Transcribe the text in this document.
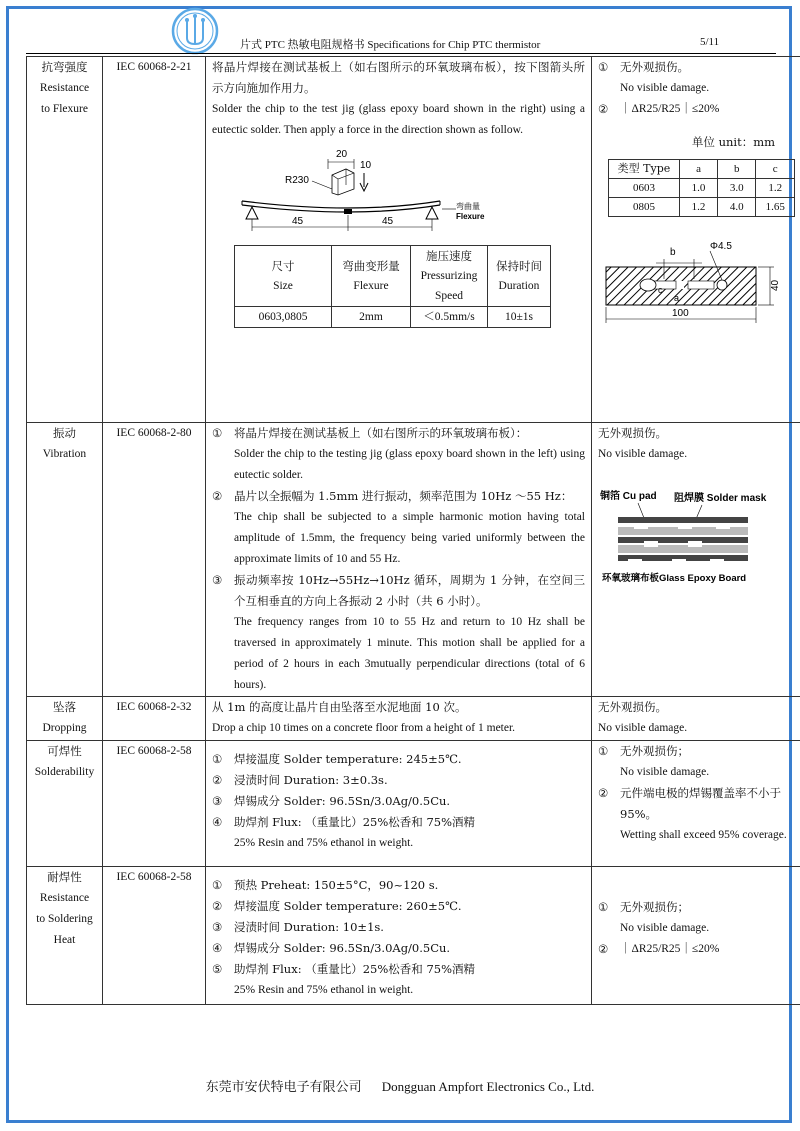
片式 PTC 热敏电阻规格书 Specifications for Chip PTC thermistor	5/11
抗弯强度
Resistance
to Flexure
	IEC 60068-2-21	将晶片焊接在测试基板上（如右图所示的环氧玻璃布板），按下图箭头所示方向施加作用力。
Solder the chip to the test jig (glass epoxy board shown in the right) using a eutectic solder. Then apply a force in the direction shown as follow.
20
10
R230
45	45
弯曲量
Flexure
尺寸
Size

弯曲变形量
Flexure

施压速度
Pressurizing
Speed

保持时间
Duration

0603,0805	2mm	＜0.5mm/s	10±1s

①	无外观损伤。
No visible damage.
②	｜ΔR25/R25｜≤20%
单位 unit：mm
类型 Type	a	b	c
0603	1.0	3.0	1.2
0805	1.2	4.0	1.65
b
Φ4.5
c
a
100
40

振动
Vibration
	IEC 60068-2-80	①	将晶片焊接在测试基板上（如右图所示的环氧玻璃布板）：
Solder the chip to the testing jig (glass epoxy board shown in the left) using eutectic solder.
②	晶片以全振幅为 1.5mm 进行振动，频率范围为 10Hz ～55 Hz：
The chip shall be subjected to a simple harmonic motion having total amplitude of 1.5mm, the frequency being varied uniformly between the approximate limits of 10 and 55 Hz.
③	振动频率按 10Hz→55Hz→10Hz 循环，周期为 1 分钟，在空间三个互相垂直的方向上各振动 2 小时（共 6 小时）。
The frequency ranges from 10 to 55 Hz and return to 10 Hz shall be traversed in approximately 1 minute. This motion shall be applied for a period of 2 hours in each 3mutually perpendicular directions (total of 6 hours).

无外观损伤。
No visible damage.
铜箔 Cu pad 阻焊膜 Solder mask
环氧玻璃布板Glass Epoxy Board

坠落
Dropping
	IEC 60068-2-32	从 1m 的高度让晶片自由坠落至水泥地面 10 次。
Drop a chip 10 times on a concrete floor from a height of 1 meter.

无外观损伤。
No visible damage.

可焊性
Solderability
	IEC 60068-2-58	
①	焊接温度 Solder temperature: 245±5℃.
②	浸渍时间 Duration: 3±0.3s.
③	焊锡成分 Solder: 96.5Sn/3.0Ag/0.5Cu.
④	助焊剂 Flux: （重量比）25%松香和 75%酒精
25% Resin and 75% ethanol in weight.

①	无外观损伤；
No visible damage.
②	元件端电极的焊锡覆盖率不小于 95%。
Wetting shall exceed 95% coverage.

耐焊性
Resistance
to Soldering
Heat
	IEC 60068-2-58	
①	预热 Preheat: 150±5°C，90~120 s.
②	焊接温度 Solder temperature: 260±5℃.
③	浸渍时间 Duration: 10±1s.
④	焊锡成分 Solder: 96.5Sn/3.0Ag/0.5Cu.
⑤	助焊剂 Flux: （重量比）25%松香和 75%酒精
25% Resin and 75% ethanol in weight.

①	无外观损伤；
No visible damage.
②	｜ΔR25/R25｜≤20%
东莞市安伏特电子有限公司 Dongguan Ampfort Electronics Co., Ltd.
